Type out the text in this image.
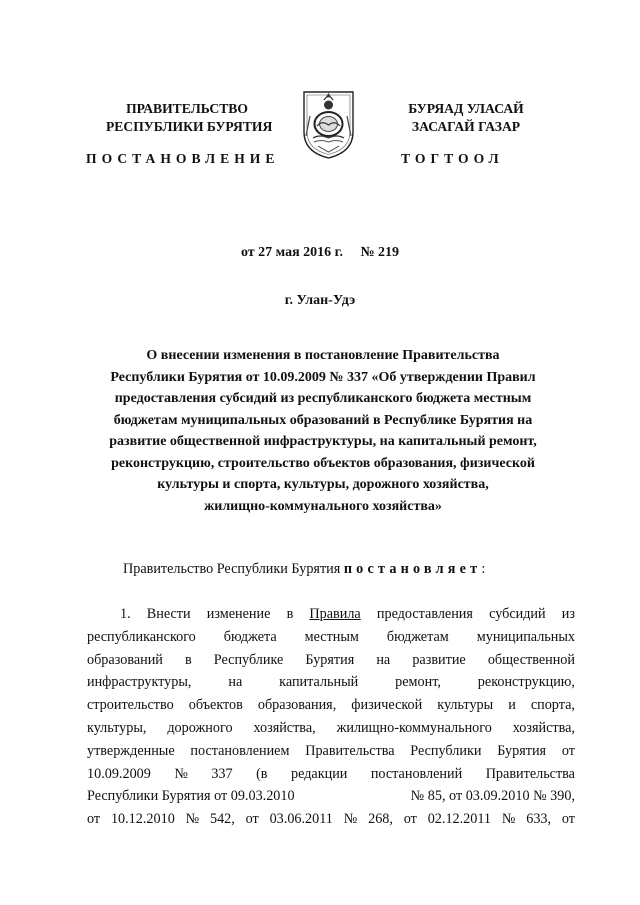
ПРАВИТЕЛЬСТВО
РЕСПУБЛИКИ БУРЯТИЯ
БУРЯАД УЛАСАЙ
ЗАСАГАЙ ГАЗАР
ПОСТАНОВЛЕНИЕ	ТОГТООЛ
от 27 мая 2016 г.     № 219
г. Улан-Удэ
О внесении изменения в постановление Правительства
Республики Бурятия от 10.09.2009 № 337 «Об утверждении Правил
предоставления субсидий из республиканского бюджета местным
бюджетам муниципальных образований в Республике Бурятия на
развитие общественной инфраструктуры, на капитальный ремонт,
реконструкцию, строительство объектов образования, физической
культуры и спорта, культуры, дорожного хозяйства,
жилищно-коммунального хозяйства»
Правительство Республики Бурятия постановляет:
1. Внести изменение в Правила предоставления субсидий из
республиканского бюджета местным бюджетам муниципальных
образований в Республике Бурятия на развитие общественной
инфраструктуры,	на	капитальный	ремонт,	реконструкцию,
строительство объектов образования, физической культуры и спорта,
культуры, дорожного хозяйства, жилищно-коммунального хозяйства,
утвержденные постановлением Правительства Республики Бурятия от
10.09.2009 № 337 (в редакции постановлений Правительства
Республики Бурятия от 09.03.2010	№ 85, от 03.09.2010 № 390,
от 10.12.2010 № 542, от 03.06.2011 № 268, от 02.12.2011 № 633, от
